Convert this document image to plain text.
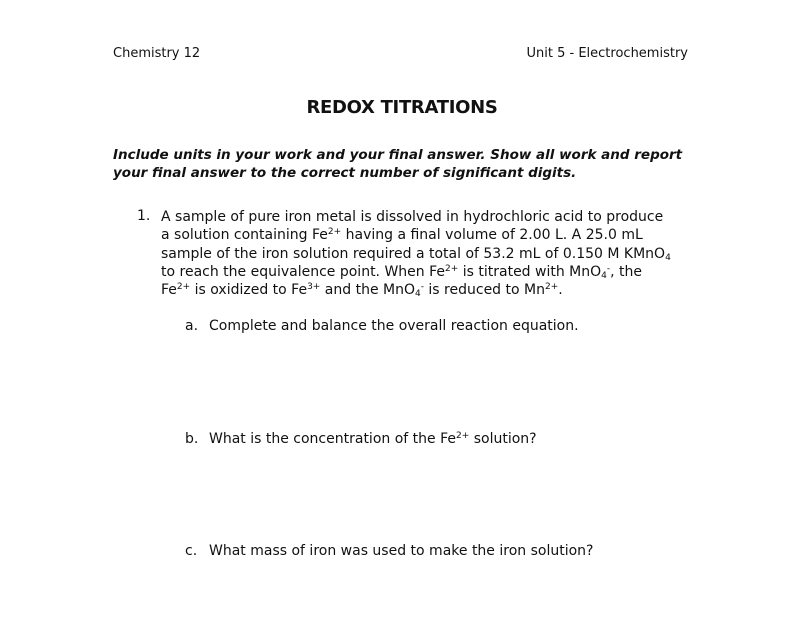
Chemistry 12	Unit 5 - Electrochemistry
REDOX TITRATIONS
Include units in your work and your final answer. Show all work and report
your final answer to the correct number of significant digits.
1. A sample of pure iron metal is dissolved in hydrochloric acid to produce
a solution containing $Fe^{2+}$ having a final volume of 2.00 L. A 25.0 mL
sample of the iron solution required a total of 53.2 mL of 0.150 M KMnO$_4$
to reach the equivalence point. When $Fe^{2+}$ is titrated with MnO$_4$-, the
$Fe^{2+}$ is oxidized to $Fe^{3+}$ and the MnO$_4$- is reduced to $Mn^{2+}$.
a. Complete and balance the overall reaction equation.
b. What is the concentration of the $Fe^{2+}$ solution?
c. What mass of iron was used to make the iron solution?
